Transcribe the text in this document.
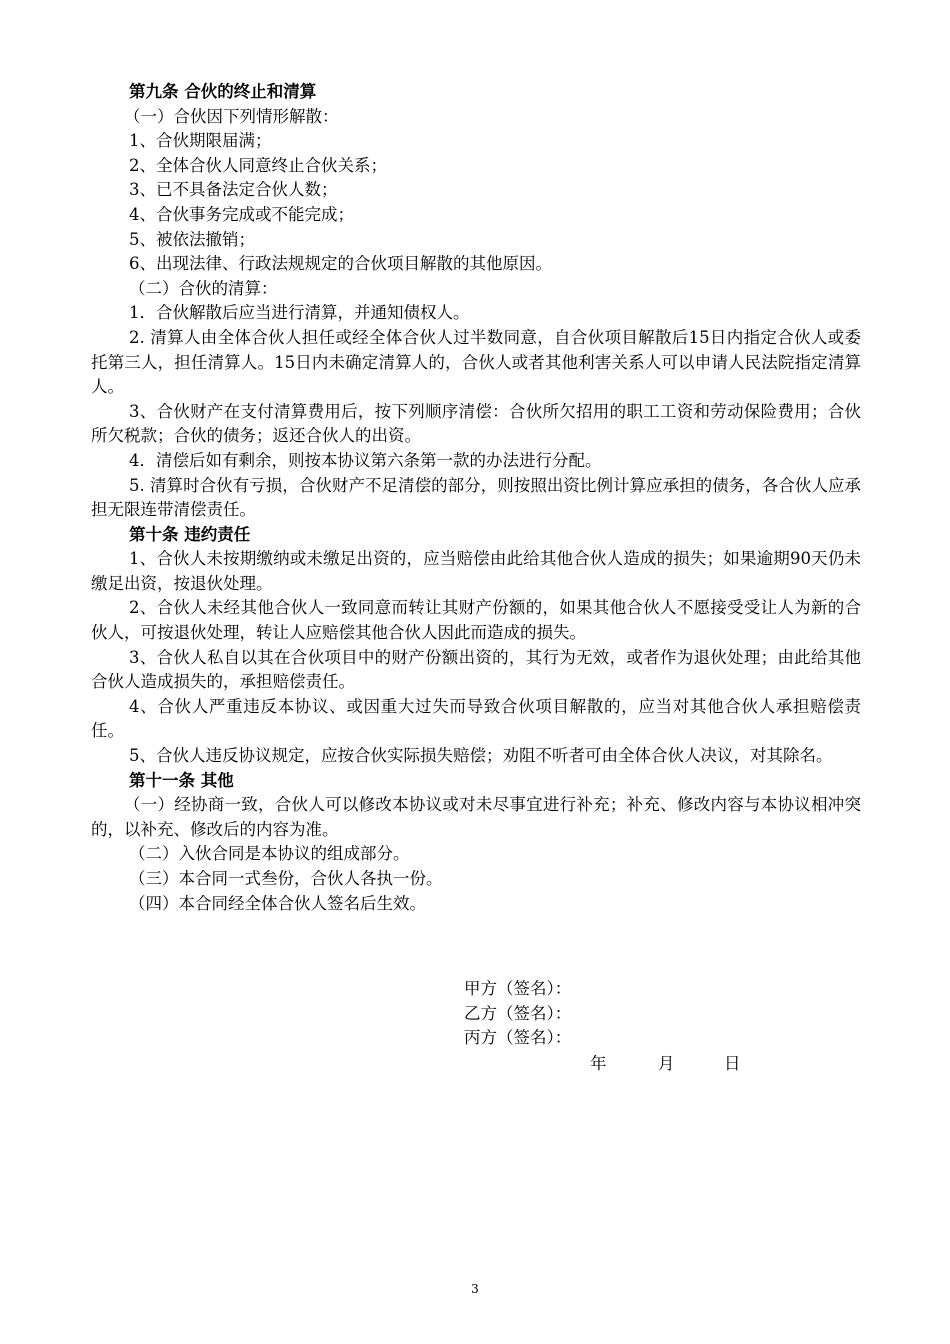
第九条 合伙的终止和清算

（一）合伙因下列情形解散：

1、合伙期限届满；

2、全体合伙人同意终止合伙关系；

3、已不具备法定合伙人数；

4、合伙事务完成或不能完成；

5、被依法撤销；

6、出现法律、行政法规规定的合伙项目解散的其他原因。

（二）合伙的清算：

1．合伙解散后应当进行清算，并通知债权人。

2. 清算人由全体合伙人担任或经全体合伙人过半数同意，自合伙项目解散后15日内指定合伙人或委托第三人，担任清算人。15日内未确定清算人的，合伙人或者其他利害关系人可以申请人民法院指定清算人。

3、合伙财产在支付清算费用后，按下列顺序清偿：合伙所欠招用的职工工资和劳动保险费用；合伙所欠税款；合伙的债务；返还合伙人的出资。

4．清偿后如有剩余，则按本协议第六条第一款的办法进行分配。

5. 清算时合伙有亏损，合伙财产不足清偿的部分，则按照出资比例计算应承担的债务，各合伙人应承担无限连带清偿责任。

第十条 违约责任

1、合伙人未按期缴纳或未缴足出资的，应当赔偿由此给其他合伙人造成的损失；如果逾期90天仍未缴足出资，按退伙处理。

2、合伙人未经其他合伙人一致同意而转让其财产份额的，如果其他合伙人不愿接受受让人为新的合伙人，可按退伙处理，转让人应赔偿其他合伙人因此而造成的损失。

3、合伙人私自以其在合伙项目中的财产份额出资的，其行为无效，或者作为退伙处理；由此给其他合伙人造成损失的，承担赔偿责任。

4、合伙人严重违反本协议、或因重大过失而导致合伙项目解散的，应当对其他合伙人承担赔偿责任。

5、合伙人违反协议规定，应按合伙实际损失赔偿；劝阻不听者可由全体合伙人决议，对其除名。

第十一条 其他

（一）经协商一致，合伙人可以修改本协议或对未尽事宜进行补充；补充、修改内容与本协议相冲突的，以补充、修改后的内容为准。

（二）入伙合同是本协议的组成部分。

（三）本合同一式叁份，合伙人各执一份。

（四）本合同经全体合伙人签名后生效。

甲方（签名）：

乙方（签名）：

丙方（签名）：

年	月	日
3
